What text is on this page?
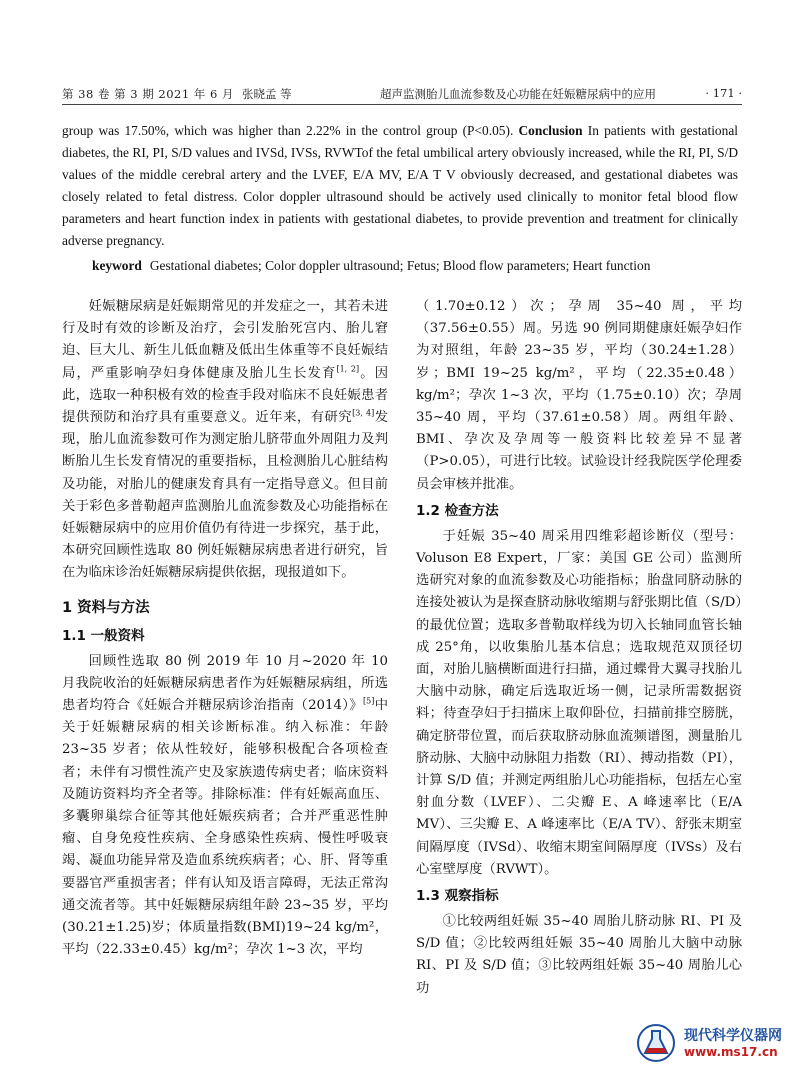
第 38 卷 第 3 期 2021 年 6 月 张晓孟 等	超声监测胎儿血流参数及心功能在妊娠糖尿病中的应用	· 171 ·

group was 17.50%, which was higher than 2.22% in the control group (P<0.05). Conclusion In patients with gestational diabetes, the RI, PI, S/D values and IVSd, IVSs, RVWTof the fetal umbilical artery obviously increased, while the RI, PI, S/D values of the middle cerebral artery and the LVEF, E/A MV, E/A T V obviously decreased, and gestational diabetes was closely related to fetal distress. Color doppler ultrasound should be actively used clinically to monitor fetal blood flow parameters and heart function index in patients with gestational diabetes, to provide prevention and treatment for clinically adverse pregnancy.

keyword Gestational diabetes; Color doppler ultrasound; Fetus; Blood flow parameters; Heart function

妊娠糖尿病是妊娠期常见的并发症之一，其若未进行及时有效的诊断及治疗，会引发胎死宫内、胎儿窘迫、巨大儿、新生儿低血糖及低出生体重等不良妊娠结局，严重影响孕妇身体健康及胎儿生长发育[1, 2]。因此，选取一种积极有效的检查手段对临床不良妊娠患者提供预防和治疗具有重要意义。近年来，有研究[3, 4]发现，胎儿血流参数可作为测定胎儿脐带血外周阻力及判断胎儿生长发育情况的重要指标，且检测胎儿心脏结构及功能，对胎儿的健康发育具有一定指导意义。但目前关于彩色多普勒超声监测胎儿血流参数及心功能指标在妊娠糖尿病中的应用价值仍有待进一步探究，基于此，本研究回顾性选取 80 例妊娠糖尿病患者进行研究，旨在为临床诊治妊娠糖尿病提供依据，现报道如下。

1 资料与方法
1.1 一般资料

回顾性选取 80 例 2019 年 10 月~2020 年 10 月我院收治的妊娠糖尿病患者作为妊娠糖尿病组，所选患者均符合《妊娠合并糖尿病诊治指南（2014）》[5]中关于妊娠糖尿病的相关诊断标准。纳入标准：年龄 23~35 岁者；依从性较好，能够积极配合各项检查者；未伴有习惯性流产史及家族遗传病史者；临床资料及随访资料均齐全者等。排除标准：伴有妊娠高血压、多囊卵巢综合征等其他妊娠疾病者；合并严重恶性肿瘤、自身免疫性疾病、全身感染性疾病、慢性呼吸衰竭、凝血功能异常及造血系统疾病者；心、肝、肾等重要器官严重损害者；伴有认知及语言障碍，无法正常沟通交流者等。其中妊娠糖尿病组年龄 23~35 岁，平均(30.21±1.25)岁；体质量指数(BMI)19~24 kg/m²，平均（22.33±0.45）kg/m²；孕次 1~3 次，平均

（1.70±0.12）次；孕周 35~40 周，平均（37.56±0.55）周。另选 90 例同期健康妊娠孕妇作为对照组，年龄 23~35 岁，平均（30.24±1.28）岁；BMI 19~25 kg/m²，平均（22.35±0.48）kg/m²；孕次 1~3 次，平均（1.75±0.10）次；孕周 35~40 周，平均（37.61±0.58）周。两组年龄、BMI、孕次及孕周等一般资料比较差异不显著（P>0.05），可进行比较。试验设计经我院医学伦理委员会审核并批准。

1.2 检查方法

于妊娠 35~40 周采用四维彩超诊断仪（型号：Voluson E8 Expert，厂家：美国 GE 公司）监测所选研究对象的血流参数及心功能指标；胎盘同脐动脉的连接处被认为是探查脐动脉收缩期与舒张期比值（S/D）的最优位置；选取多普勒取样线为切入长轴同血管长轴成 25°角，以收集胎儿基本信息；选取规范双顶径切面，对胎儿脑横断面进行扫描，通过蝶骨大翼寻找胎儿大脑中动脉，确定后选取近场一侧，记录所需数据资料；待查孕妇于扫描床上取仰卧位，扫描前排空膀胱，确定脐带位置，而后获取脐动脉血流频谱图，测量胎儿脐动脉、大脑中动脉阻力指数（RI）、搏动指数（PI），计算 S/D 值；并测定两组胎儿心功能指标，包括左心室射血分数（LVEF）、二尖瓣 E、A 峰速率比（E/A MV）、三尖瓣 E、A 峰速率比（E/A TV）、舒张末期室间隔厚度（IVSd）、收缩末期室间隔厚度（IVSs）及右心室壁厚度（RVWT）。

1.3 观察指标

①比较两组妊娠 35~40 周胎儿脐动脉 RI、PI 及 S/D 值；②比较两组妊娠 35~40 周胎儿大脑中动脉 RI、PI 及 S/D 值；③比较两组妊娠 35~40 周胎儿心功

现代科学仪器网
www.ms17.cn
